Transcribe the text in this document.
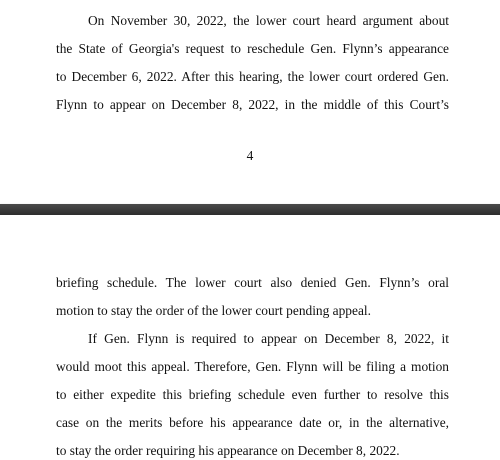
On November 30, 2022, the lower court heard argument about
the State of Georgia's request to reschedule Gen. Flynn’s appearance
to December 6, 2022. After this hearing, the lower court ordered Gen.
Flynn to appear on December 8, 2022, in the middle of this Court’s
4
briefing schedule. The lower court also denied Gen. Flynn’s oral
motion to stay the order of the lower court pending appeal.
If Gen. Flynn is required to appear on December 8, 2022, it
would moot this appeal. Therefore, Gen. Flynn will be filing a motion
to either expedite this briefing schedule even further to resolve this
case on the merits before his appearance date or, in the alternative,
to stay the order requiring his appearance on December 8, 2022.
